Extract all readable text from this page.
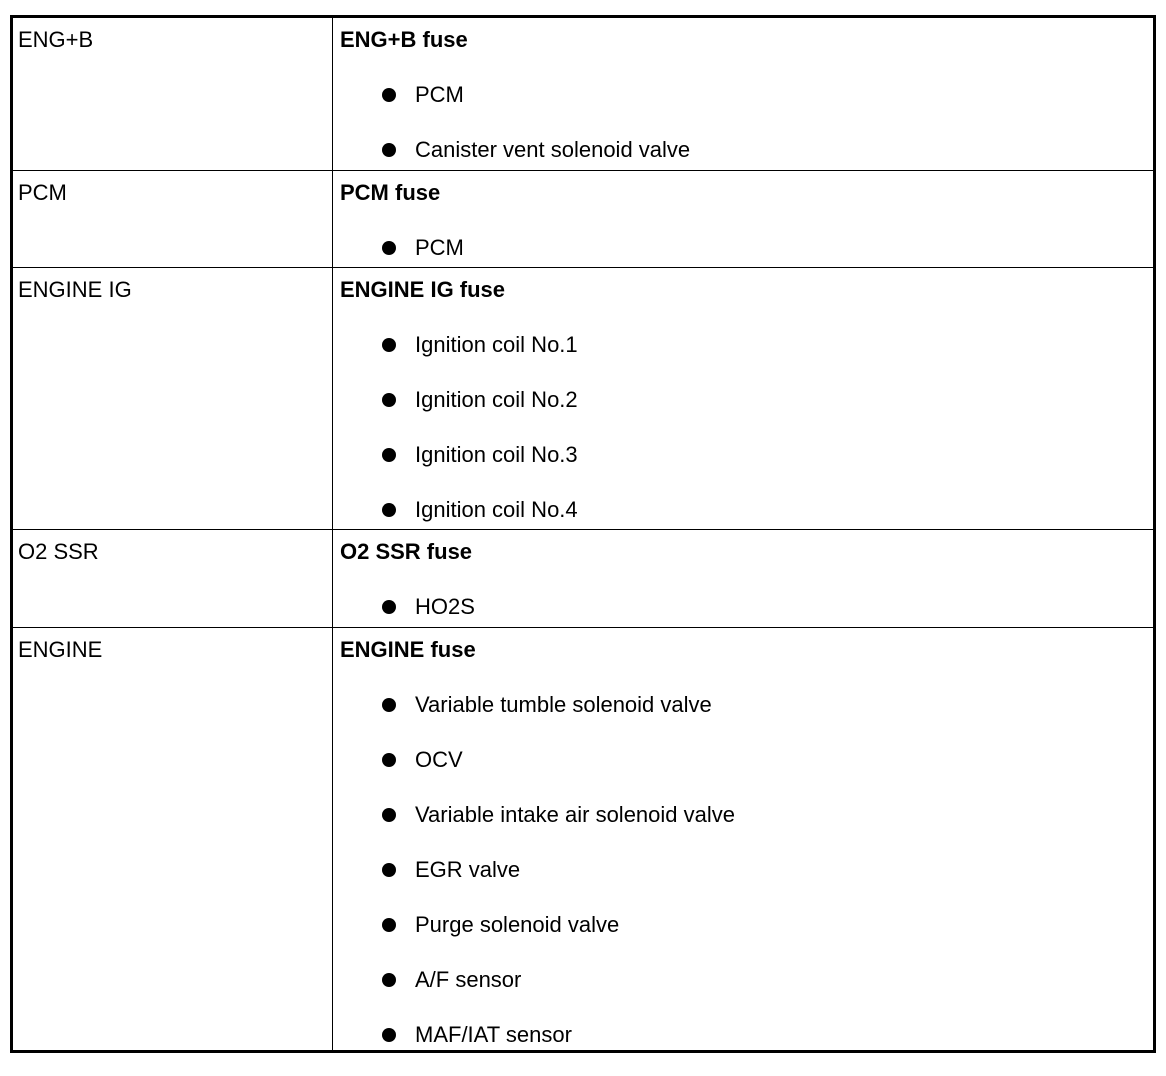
ENG+B	ENG+B fuse
PCM
Canister vent solenoid valve
PCM	PCM fuse
PCM
ENGINE IG	ENGINE IG fuse
Ignition coil No.1
Ignition coil No.2
Ignition coil No.3
Ignition coil No.4
O2 SSR	O2 SSR fuse
HO2S
ENGINE	ENGINE fuse
Variable tumble solenoid valve
OCV
Variable intake air solenoid valve
EGR valve
Purge solenoid valve
A/F sensor
MAF/IAT sensor
